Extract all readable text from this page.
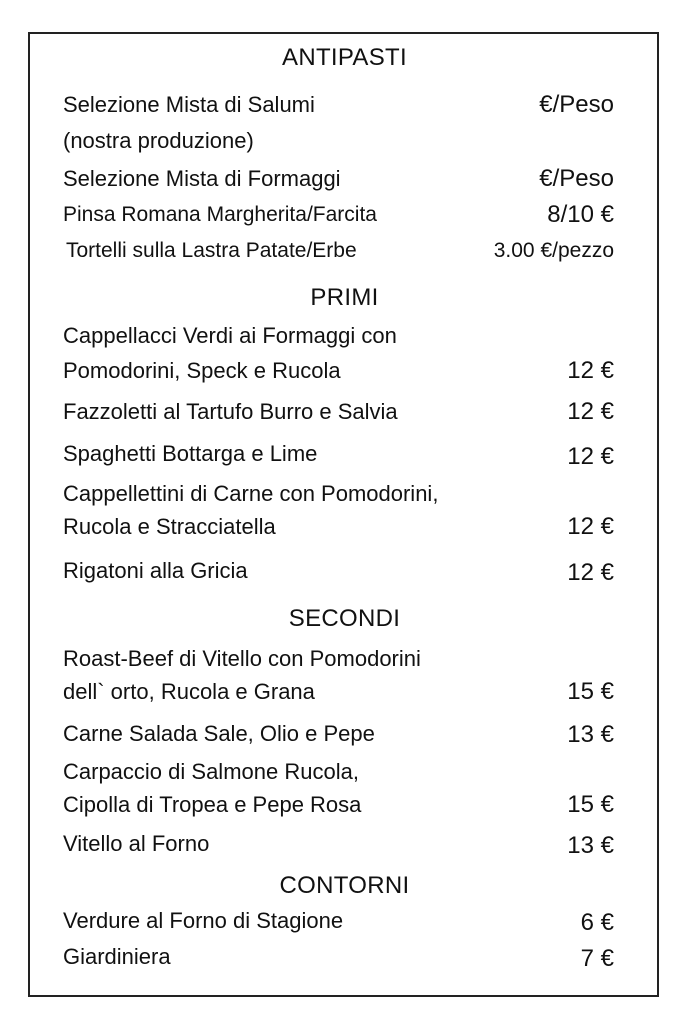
ANTIPASTI
Selezione Mista di Salumi	€/Peso
(nostra produzione)
Selezione Mista di Formaggi	€/Peso
Pinsa Romana Margherita/Farcita	8/10 €
Tortelli sulla Lastra Patate/Erbe	3.00 €/pezzo
PRIMI
Cappellacci Verdi ai Formaggi con
Pomodorini, Speck e Rucola	12 €
Fazzoletti al Tartufo Burro e Salvia	12 €
Spaghetti Bottarga e Lime	12 €
Cappellettini di Carne con Pomodorini,
Rucola e Stracciatella	12 €
Rigatoni alla Gricia	12 €
SECONDI
Roast-Beef di Vitello con Pomodorini
dell` orto, Rucola e Grana	15 €
Carne Salada Sale, Olio e Pepe	13 €
Carpaccio di Salmone Rucola,
Cipolla di Tropea e Pepe Rosa	15 €
Vitello al Forno	13 €
CONTORNI
Verdure al Forno di Stagione	6 €
Giardiniera	7 €
